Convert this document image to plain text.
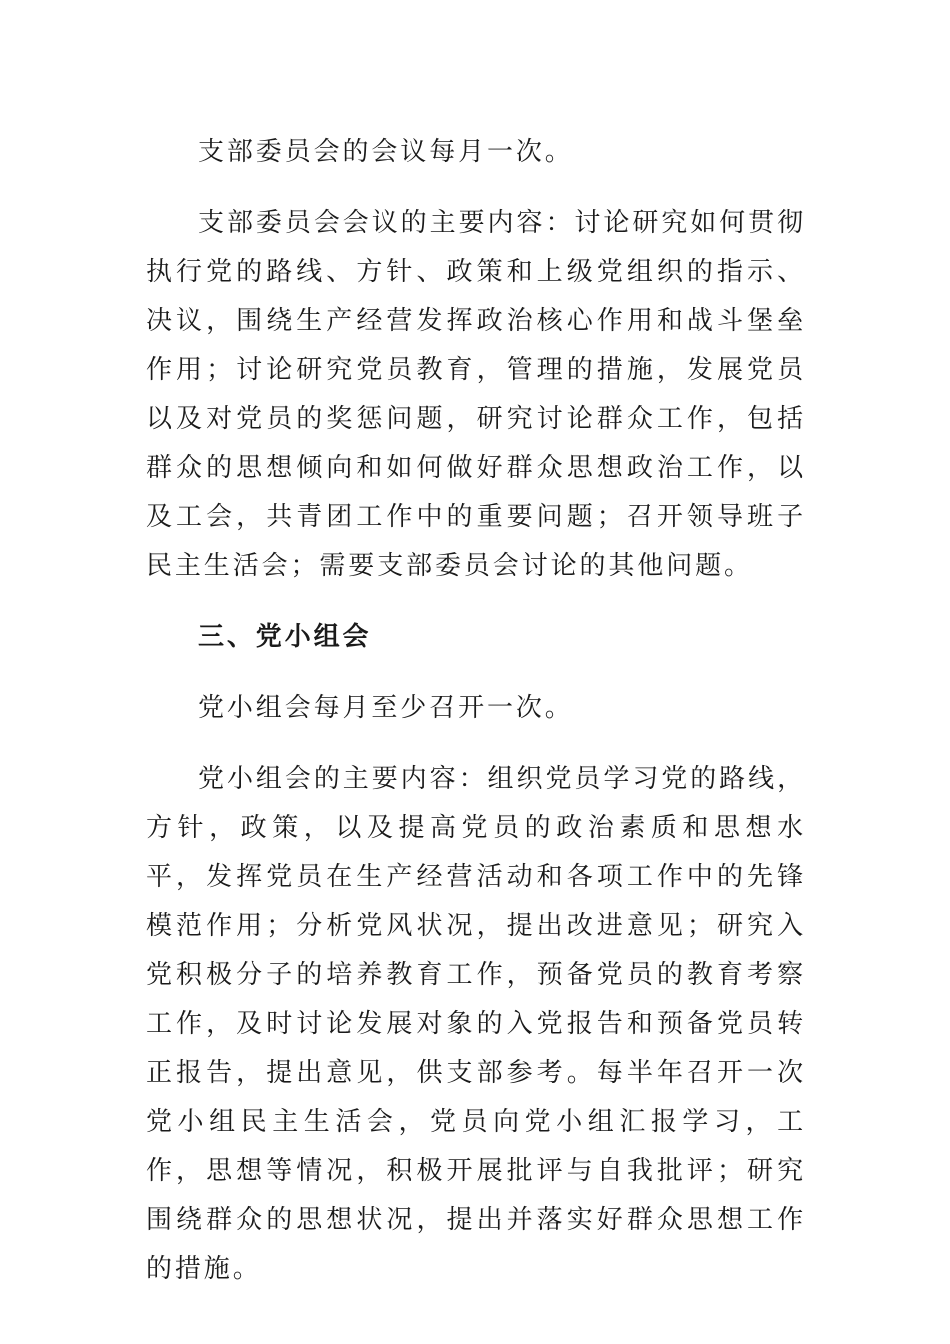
支部委员会的会议每月一次。

支部委员会会议的主要内容：讨论研究如何贯彻执行党的路线、方针、政策和上级党组织的指示、决议，围绕生产经营发挥政治核心作用和战斗堡垒作用；讨论研究党员教育，管理的措施，发展党员以及对党员的奖惩问题，研究讨论群众工作，包括群众的思想倾向和如何做好群众思想政治工作，以及工会，共青团工作中的重要问题；召开领导班子民主生活会；需要支部委员会讨论的其他问题。

三、党小组会

党小组会每月至少召开一次。

党小组会的主要内容：组织党员学习党的路线，方针，政策，以及提高党员的政治素质和思想水平，发挥党员在生产经营活动和各项工作中的先锋模范作用；分析党风状况，提出改进意见；研究入党积极分子的培养教育工作，预备党员的教育考察工作，及时讨论发展对象的入党报告和预备党员转正报告，提出意见，供支部参考。每半年召开一次党小组民主生活会，党员向党小组汇报学习，工作，思想等情况，积极开展批评与自我批评；研究围绕群众的思想状况，提出并落实好群众思想工作的措施。
